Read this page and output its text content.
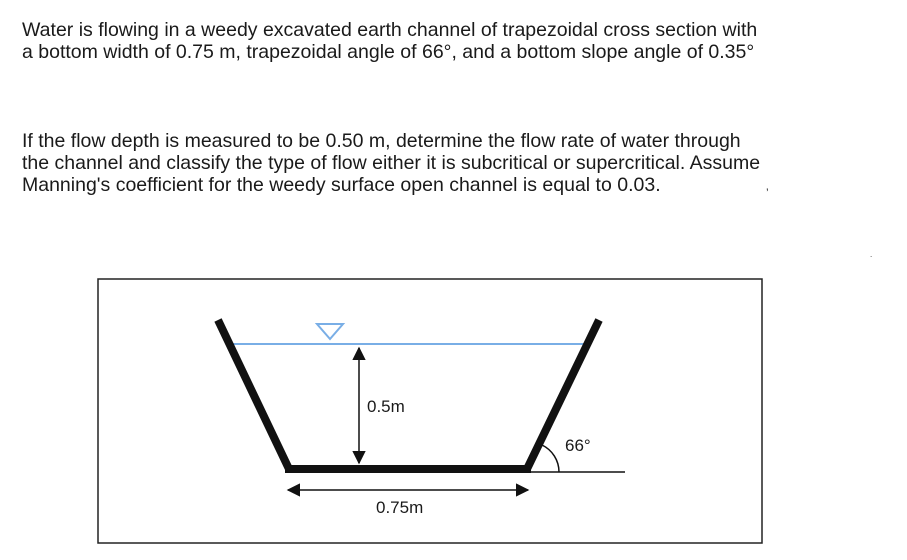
Water is flowing in a weedy excavated earth channel of trapezoidal cross section with
a bottom width of 0.75 m, trapezoidal angle of 66°, and a bottom slope angle of 0.35°

If the flow depth is measured to be 0.50 m, determine the flow rate of water through
the channel and classify the type of flow either it is subcritical or supercritical. Assume
Manning's coefficient for the weedy surface open channel is equal to 0.03.	’
.
0.5m
66°
0.75m
